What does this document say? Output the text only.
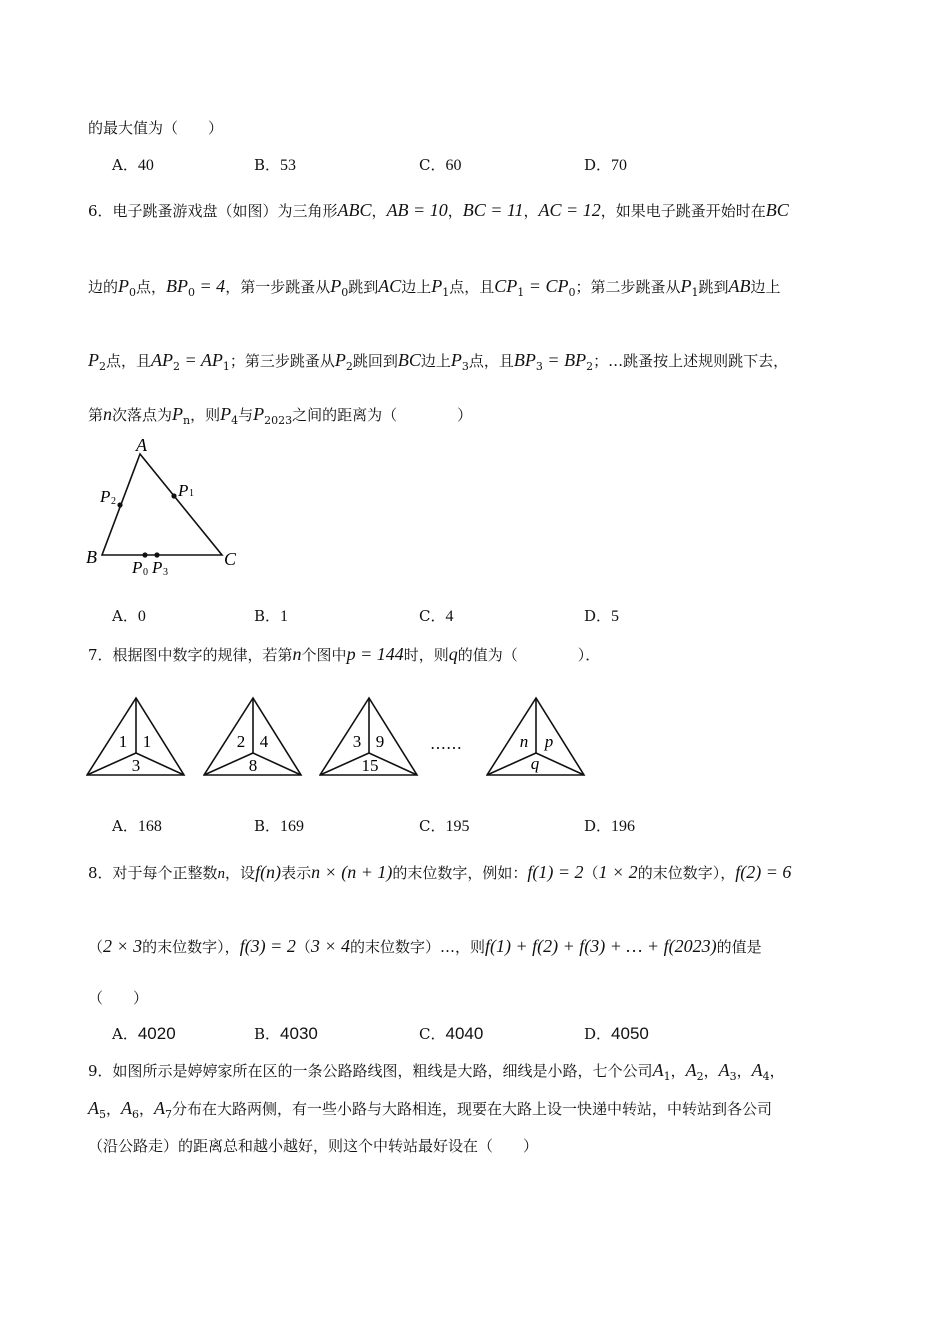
的最大值为（　　）
A．40	B．53	C．60	D．70
6．电子跳蚤游戏盘（如图）为三角形ABC，AB = 10，BC = 11，AC = 12，如果电子跳蚤开始时在BC
边的$P_0$点，$BP_0 = 4$，第一步跳蚤从$P_0$跳到AC边上$P_1$点，且$CP_1 = CP_0$；第二步跳蚤从$P_1$跳到AB边上
$P_2$点，且$AP_2 = AP_1$；第三步跳蚤从$P_2$跳回到BC边上$P_3$点，且$BP_3 = BP_2$；…跳蚤按上述规则跳下去，
第n次落点为$P_n$，则$P_4$与$P_{2023}$之间的距离为（　　　　）
A
B	C
P 1
P 2
P 0 P 3
A．0	B．1	C．4	D．5
7．根据图中数字的规律，若第n个图中p = 144时，则q的值为（　　　　）．
1 1
3
2 4
8
3 9
15
……	n p
q
A．168	B．169	C．195	D．196
8．对于每个正整数n，设f(n)表示n × (n + 1)的末位数字，例如：f(1) = 2（1 × 2的末位数字），f(2) = 6
（2 × 3的末位数字），f(3) = 2（3 × 4的末位数字）…，则f(1) + f(2) + f(3) + … + f(2023)的值是
（　　）
A．4020	B．4030	C．4040	D．4050
9．如图所示是婷婷家所在区的一条公路路线图，粗线是大路，细线是小路，七个公司$A_1$，$A_2$，$A_3$，$A_4$，
$A_5$，$A_6$，$A_7$分布在大路两侧，有一些小路与大路相连，现要在大路上设一快递中转站，中转站到各公司
（沿公路走）的距离总和越小越好，则这个中转站最好设在（　　）
